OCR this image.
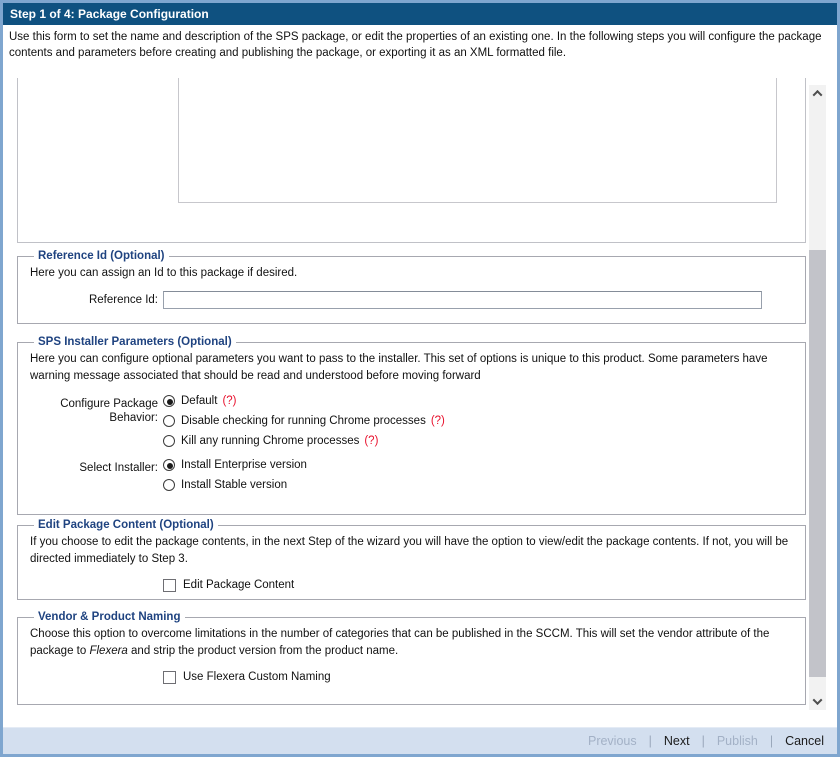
Step 1 of 4: Package Configuration
Use this form to set the name and description of the SPS package, or edit the properties of an existing one. In the following steps you will configure the package contents and parameters before creating and publishing the package, or exporting it as an XML formatted file.
Reference Id (Optional)
Here you can assign an Id to this package if desired.
Reference Id:
SPS Installer Parameters (Optional)
Here you can configure optional parameters you want to pass to the installer. This set of options is unique to this product. Some parameters have warning message associated that should be read and understood before moving forward
Configure Package Behavior:
Default (?)
Disable checking for running Chrome processes (?)
Kill any running Chrome processes (?)
Select Installer: Install Enterprise version
Install Stable version
Edit Package Content (Optional)
If you choose to edit the package contents, in the next Step of the wizard you will have the option to view/edit the package contents. If not, you will be directed immediately to Step 3.
Edit Package Content
Vendor & Product Naming
Choose this option to overcome limitations in the number of categories that can be published in the SCCM. This will set the vendor attribute of the package to Flexera and strip the product version from the product name.
Use Flexera Custom Naming
Previous | Next | Publish | Cancel
